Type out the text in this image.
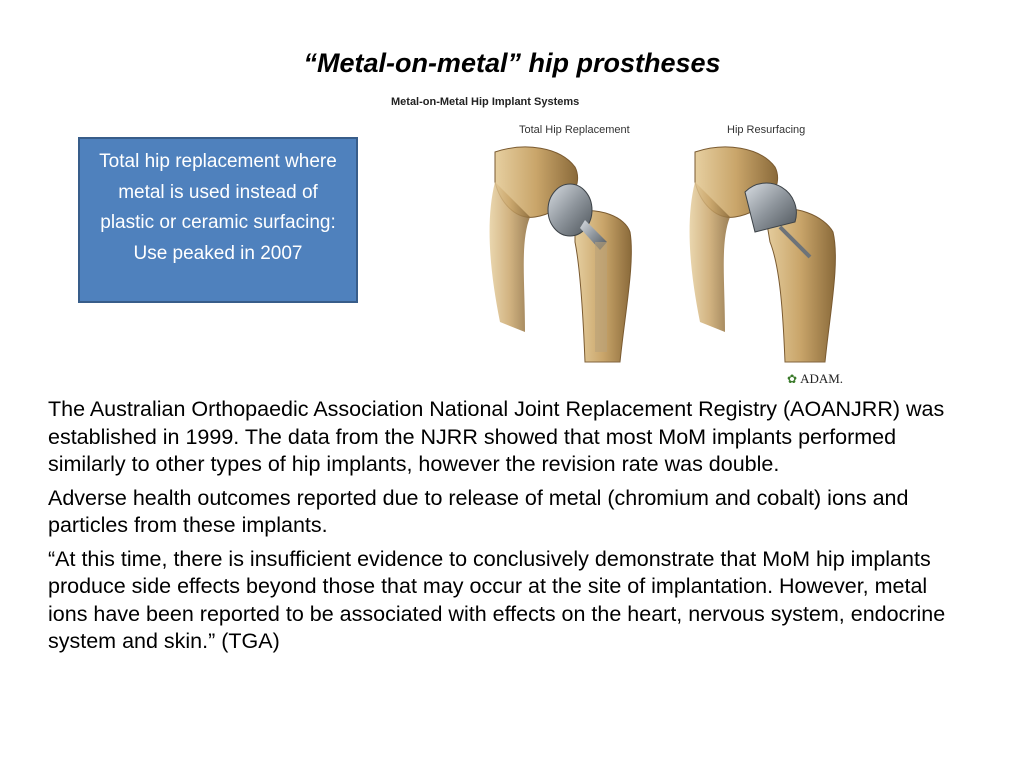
“Metal-on-metal” hip prostheses
Total hip replacement where metal is used instead of plastic or ceramic surfacing: Use peaked in 2007
Metal-on-Metal Hip Implant Systems
Total Hip Replacement	Hip Resurfacing
✿ ADAM.

The Australian Orthopaedic Association National Joint Replacement Registry (AOANJRR) was established in 1999. The data from the NJRR showed that most MoM implants performed similarly to other types of hip implants, however the revision rate was double.

Adverse health outcomes reported due to release of metal (chromium and cobalt) ions and particles from these implants.

“At this time, there is insufficient evidence to conclusively demonstrate that MoM hip implants produce side effects beyond those that may occur at the site of implantation. However, metal ions have been reported to be associated with effects on the heart, nervous system, endocrine system and skin.” (TGA)
